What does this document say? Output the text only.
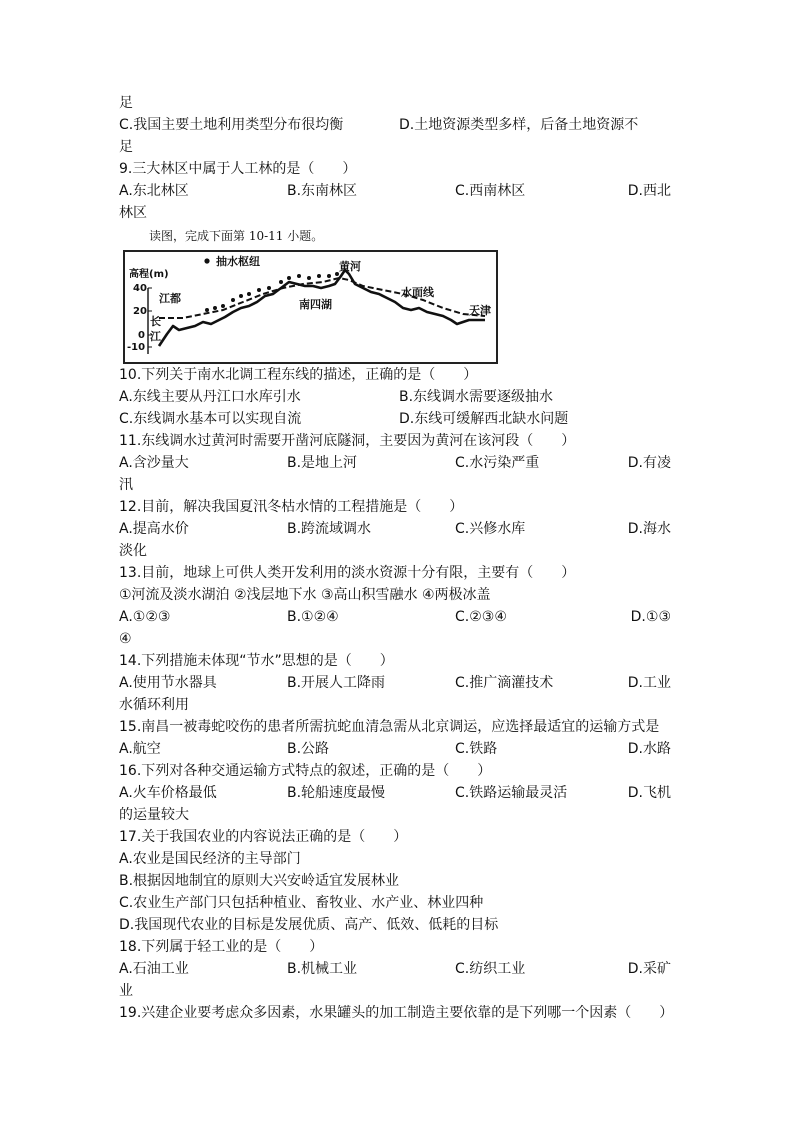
足
C.我国主要土地利用类型分布很均衡	D.土地资源类型多样，后备土地资源不
足
9.三大林区中属于人工林的是（　　）
A.东北林区	B.东南林区	C.西南林区	D.西北
林区
读图，完成下面第 10-11 小题。
抽水枢纽
高程(m)
40
20
0
-10
江都
长
江
南四湖
黄河
水面线
天津
10.下列关于南水北调工程东线的描述，正确的是（　　）
A.东线主要从丹江口水库引水	B.东线调水需要逐级抽水
C.东线调水基本可以实现自流	D.东线可缓解西北缺水问题
11.东线调水过黄河时需要开凿河底隧洞，主要因为黄河在该河段（　　）
A.含沙量大	B.是地上河	C.水污染严重	D.有凌
汛
12.目前，解决我国夏汛冬枯水情的工程措施是（　　）
A.提高水价	B.跨流域调水	C.兴修水库	D.海水
淡化
13.目前，地球上可供人类开发利用的淡水资源十分有限，主要有（　　）
①河流及淡水湖泊 ②浅层地下水 ③高山积雪融水 ④两极冰盖
A.①②③	B.①②④	C.②③④	D.①③
④
14.下列措施未体现“节水”思想的是（　　）
A.使用节水器具	B.开展人工降雨	C.推广滴灌技术	D.工业
水循环利用
15.南昌一被毒蛇咬伤的患者所需抗蛇血清急需从北京调运，应选择最适宜的运输方式是
A.航空	B.公路	C.铁路	D.水路
16.下列对各种交通运输方式特点的叙述，正确的是（　　）
A.火车价格最低	B.轮船速度最慢	C.铁路运输最灵活	D.飞机
的运量较大
17.关于我国农业的内容说法正确的是（　　）
A.农业是国民经济的主导部门
B.根据因地制宜的原则大兴安岭适宜发展林业
C.农业生产部门只包括种植业、畜牧业、水产业、林业四种
D.我国现代农业的目标是发展优质、高产、低效、低耗的目标
18.下列属于轻工业的是（　　）
A.石油工业	B.机械工业	C.纺织工业	D.采矿
业
19.兴建企业要考虑众多因素，水果罐头的加工制造主要依靠的是下列哪一个因素（　　）
